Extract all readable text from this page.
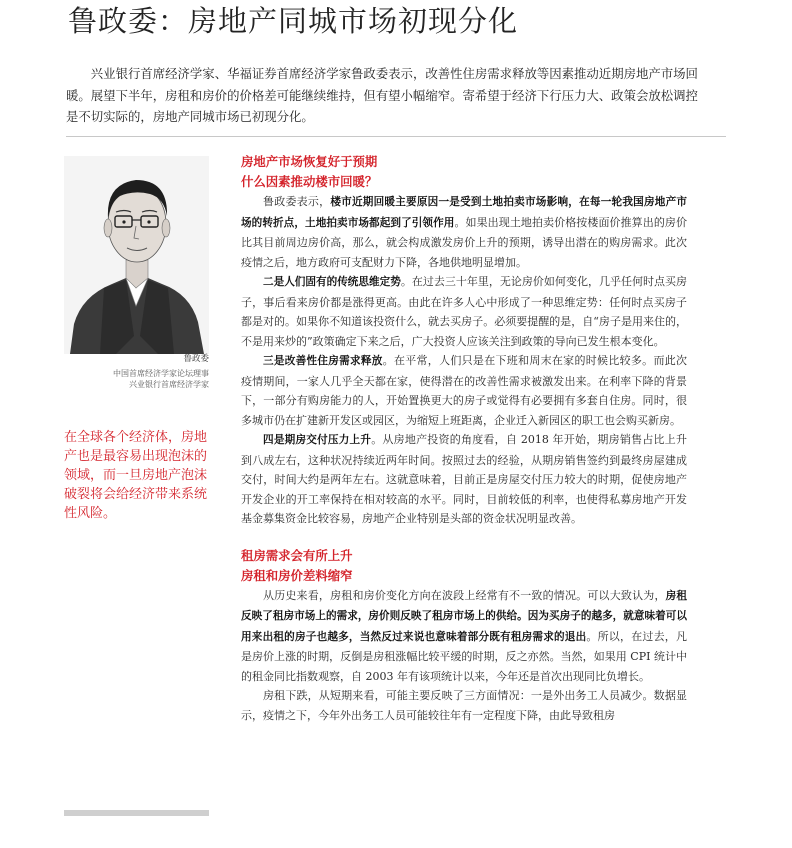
鲁政委：房地产同城市场初现分化

兴业银行首席经济学家、华福证券首席经济学家鲁政委表示，改善性住房需求释放等因素推动近期房地产市场回暖。展望下半年，房租和房价的价格差可能继续维持，但有望小幅缩窄。寄希望于经济下行压力大、政策会放松调控是不切实际的，房地产同城市场已初现分化。

鲁政委
中国首席经济学家论坛理事
兴业银行首席经济学家

在全球各个经济体，房地产也是最容易出现泡沫的领域，而一旦房地产泡沫破裂将会给经济带来系统性风险。

房地产市场恢复好于预期
什么因素推动楼市回暖？

鲁政委表示，楼市近期回暖主要原因一是受到土地拍卖市场影响，在每一轮我国房地产市场的转折点，土地拍卖市场都起到了引领作用。如果出现土地拍卖价格按楼面价推算出的房价比其目前周边房价高，那么，就会构成激发房价上升的预期，诱导出潜在的购房需求。此次疫情之后，地方政府可支配财力下降，各地供地明显增加。

二是人们固有的传统思维定势。在过去三十年里，无论房价如何变化，几乎任何时点买房子，事后看来房价都是涨得更高。由此在许多人心中形成了一种思维定势：任何时点买房子都是对的。如果你不知道该投资什么，就去买房子。必须要提醒的是，自“房子是用来住的，不是用来炒的”政策确定下来之后，广大投资人应该关注到政策的导向已发生根本变化。

三是改善性住房需求释放。在平常，人们只是在下班和周末在家的时候比较多。而此次疫情期间，一家人几乎全天都在家，使得潜在的改善性需求被激发出来。在利率下降的背景下，一部分有购房能力的人，开始置换更大的房子或觉得有必要拥有多套自住房。同时，很多城市仍在扩建新开发区或园区，为缩短上班距离，企业迁入新园区的职工也会购买新房。

四是期房交付压力上升。从房地产投资的角度看，自 2018 年开始，期房销售占比上升到八成左右，这种状况持续近两年时间。按照过去的经验，从期房销售签约到最终房屋建成交付，时间大约是两年左右。这就意味着，目前正是房屋交付压力较大的时期，促使房地产开发企业的开工率保持在相对较高的水平。同时，目前较低的利率，也使得私募房地产开发基金募集资金比较容易，房地产企业特别是头部的资金状况明显改善。

租房需求会有所上升
房租和房价差料缩窄

从历史来看，房租和房价变化方向在波段上经常有不一致的情况。可以大致认为，房租反映了租房市场上的需求，房价则反映了租房市场上的供给。因为买房子的越多，就意味着可以用来出租的房子也越多，当然反过来说也意味着部分既有租房需求的退出。所以，在过去，凡是房价上涨的时期，反倒是房租涨幅比较平缓的时期，反之亦然。当然，如果用 CPI 统计中的租金同比指数观察，自 2003 年有该项统计以来，今年还是首次出现同比负增长。

房租下跌，从短期来看，可能主要反映了三方面情况：一是外出务工人员减少。数据显示，疫情之下，今年外出务工人员可能较往年有一定程度下降，由此导致租房
